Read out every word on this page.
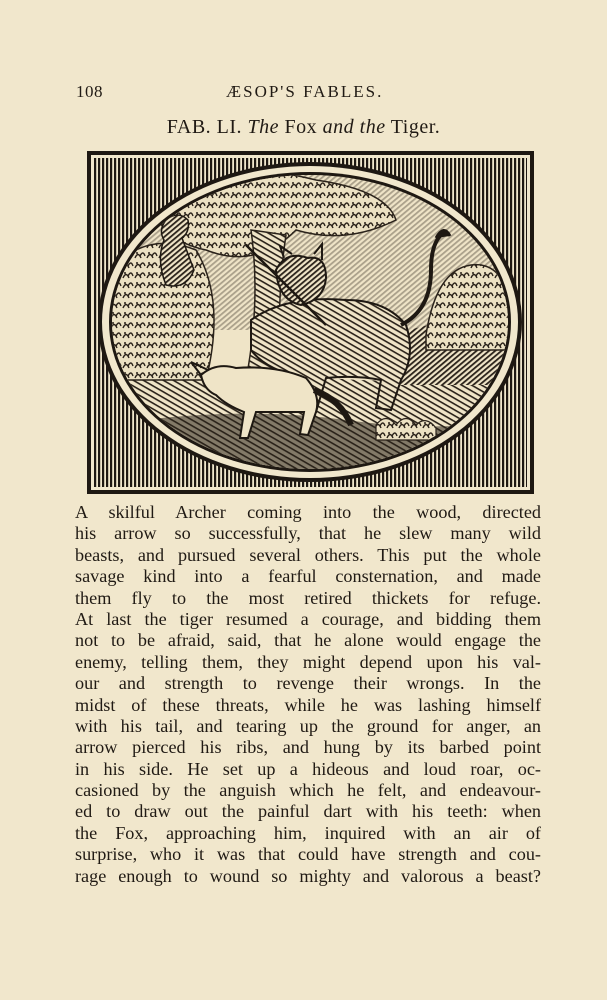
108	ÆSOP'S FABLES.
FAB. LI. The Fox and the Tiger.
A skilful Archer coming into the wood, directed
his arrow so successfully, that he slew many wild
beasts, and pursued several others. This put the whole
savage kind into a fearful consternation, and made
them fly to the most retired thickets for refuge.
At last the tiger resumed a courage, and bidding them
not to be afraid, said, that he alone would engage the
enemy, telling them, they might depend upon his val-
our and strength to revenge their wrongs. In the
midst of these threats, while he was lashing himself
with his tail, and tearing up the ground for anger, an
arrow pierced his ribs, and hung by its barbed point
in his side. He set up a hideous and loud roar, oc-
casioned by the anguish which he felt, and endeavour-
ed to draw out the painful dart with his teeth: when
the Fox, approaching him, inquired with an air of
surprise, who it was that could have strength and cou-
rage enough to wound so mighty and valorous a beast?
